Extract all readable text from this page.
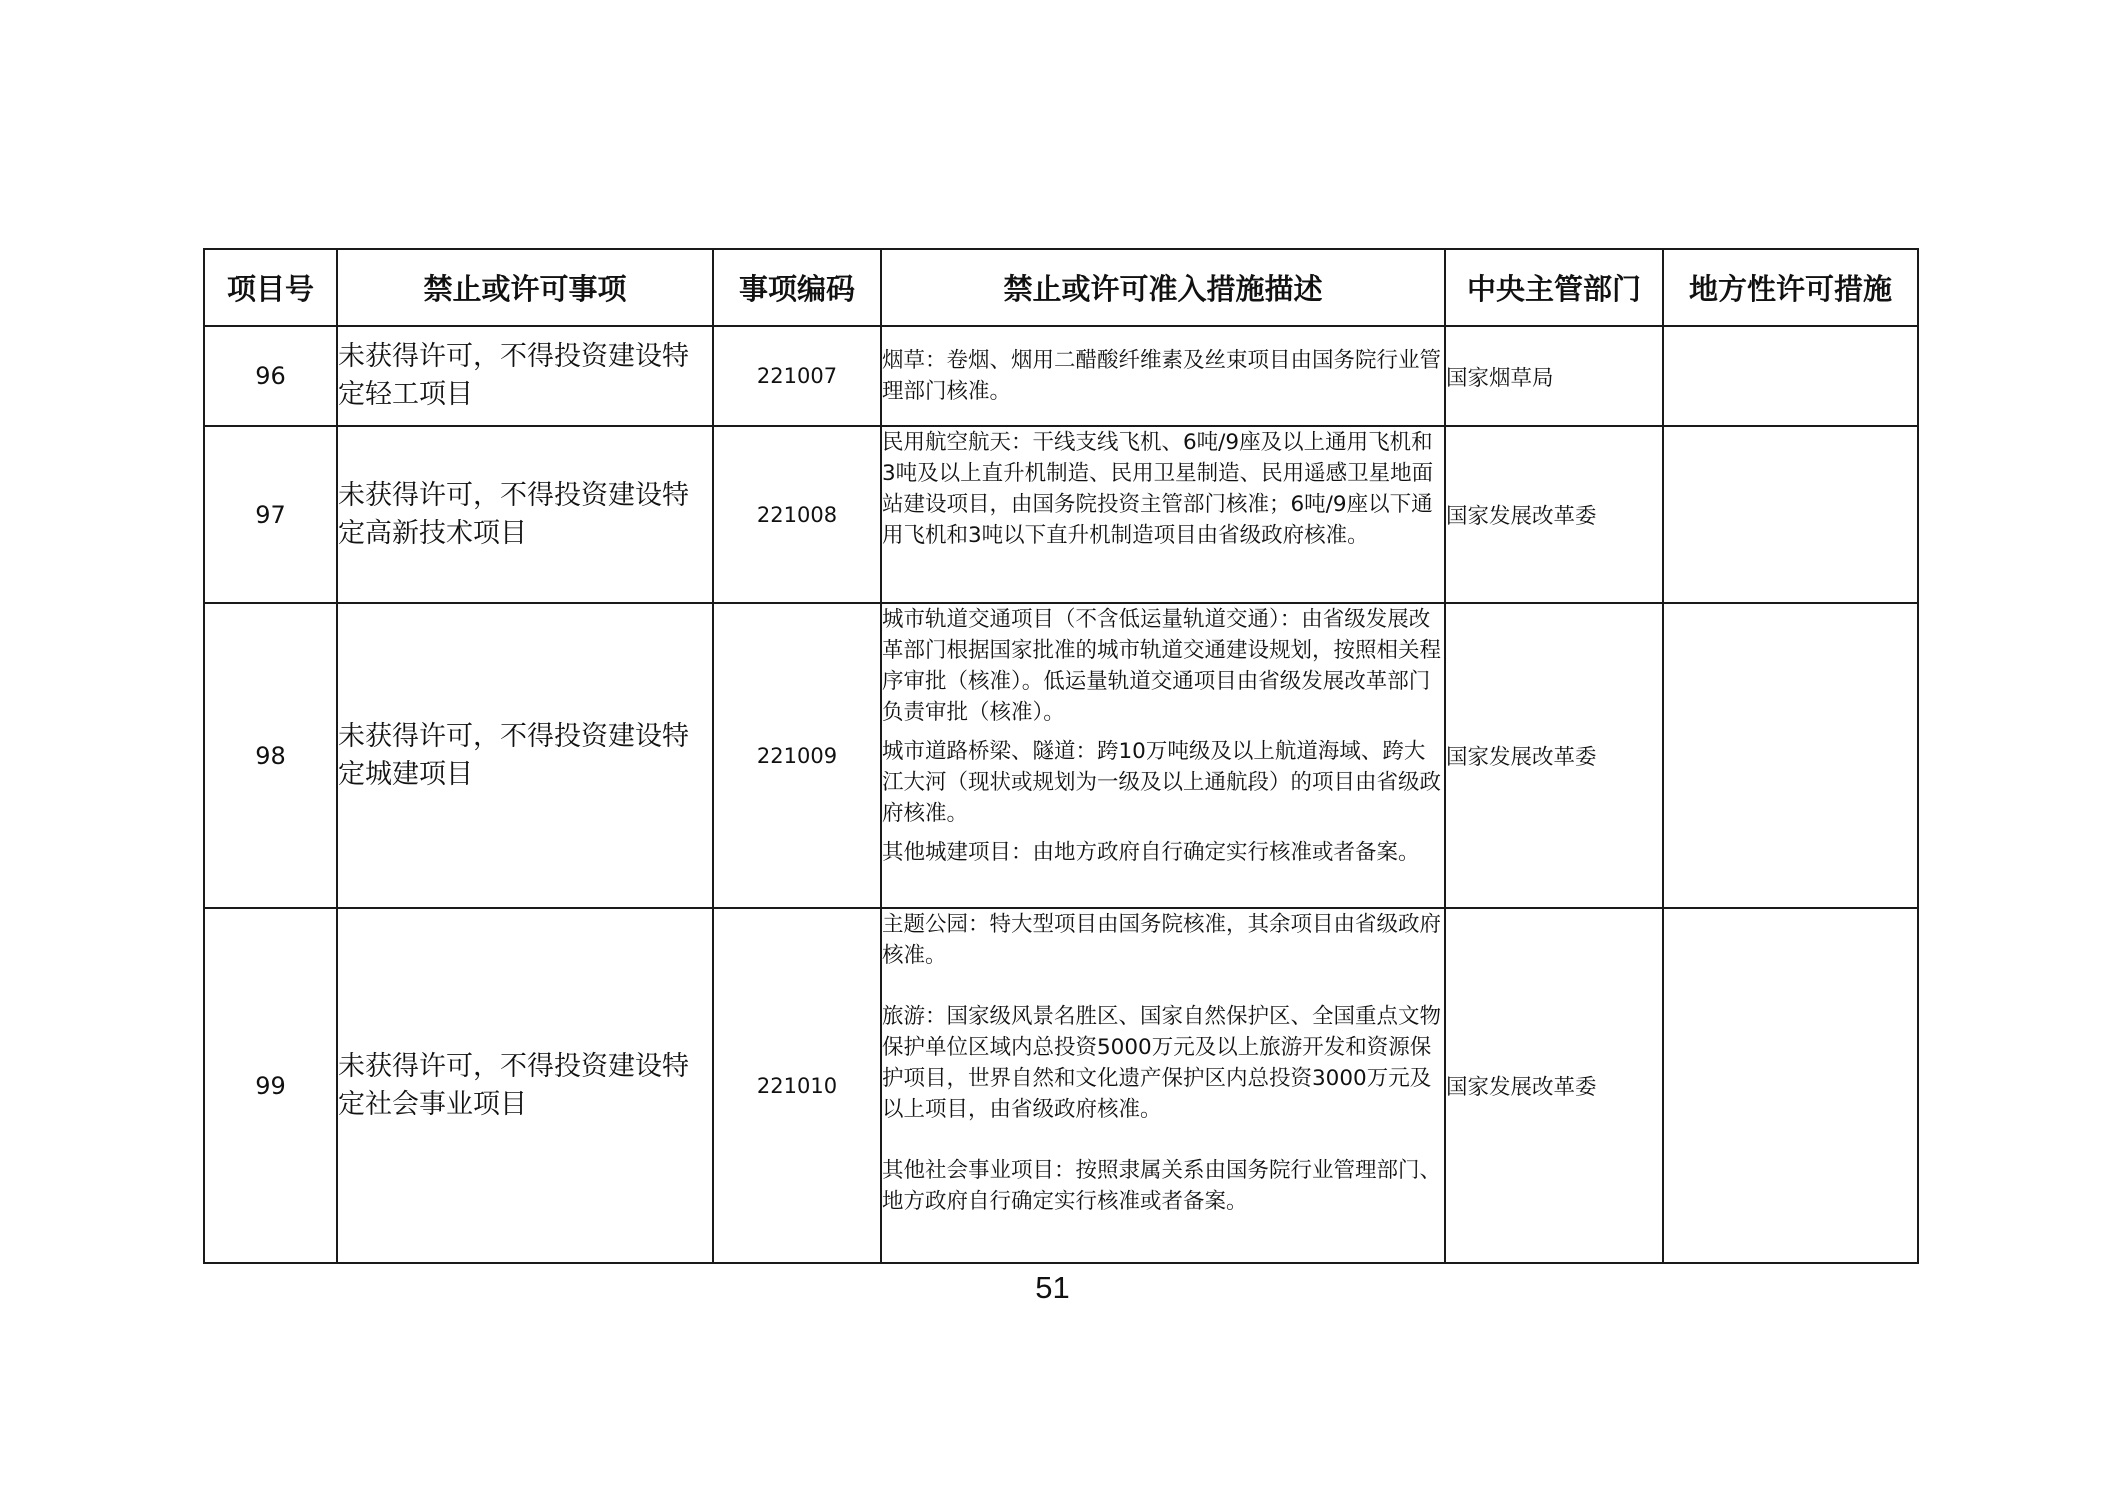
项目号	禁止或许可事项	事项编码	禁止或许可准入措施描述	中央主管部门	地方性许可措施
96	未获得许可，不得投资建设特定轻工项目	221007	烟草：卷烟、烟用二醋酸纤维素及丝束项目由国务院行业管理部门核准。	国家烟草局	
97	未获得许可，不得投资建设特定高新技术项目	221008	民用航空航天：干线支线飞机、6吨/9座及以上通用飞机和3吨及以上直升机制造、民用卫星制造、民用遥感卫星地面站建设项目，由国务院投资主管部门核准；6吨/9座以下通用飞机和3吨以下直升机制造项目由省级政府核准。	国家发展改革委	
98	未获得许可，不得投资建设特定城建项目	221009	城市轨道交通项目（不含低运量轨道交通）：由省级发展改革部门根据国家批准的城市轨道交通建设规划，按照相关程序审批（核准）。低运量轨道交通项目由省级发展改革部门负责审批（核准）。
城市道路桥梁、隧道：跨10万吨级及以上航道海域、跨大江大河（现状或规划为一级及以上通航段）的项目由省级政府核准。
其他城建项目：由地方政府自行确定实行核准或者备案。	国家发展改革委	
99	未获得许可，不得投资建设特定社会事业项目	221010	主题公园：特大型项目由国务院核准，其余项目由省级政府核准。
旅游：国家级风景名胜区、国家自然保护区、全国重点文物保护单位区域内总投资5000万元及以上旅游开发和资源保护项目，世界自然和文化遗产保护区内总投资3000万元及以上项目，由省级政府核准。
其他社会事业项目：按照隶属关系由国务院行业管理部门、地方政府自行确定实行核准或者备案。	国家发展改革委	
51
